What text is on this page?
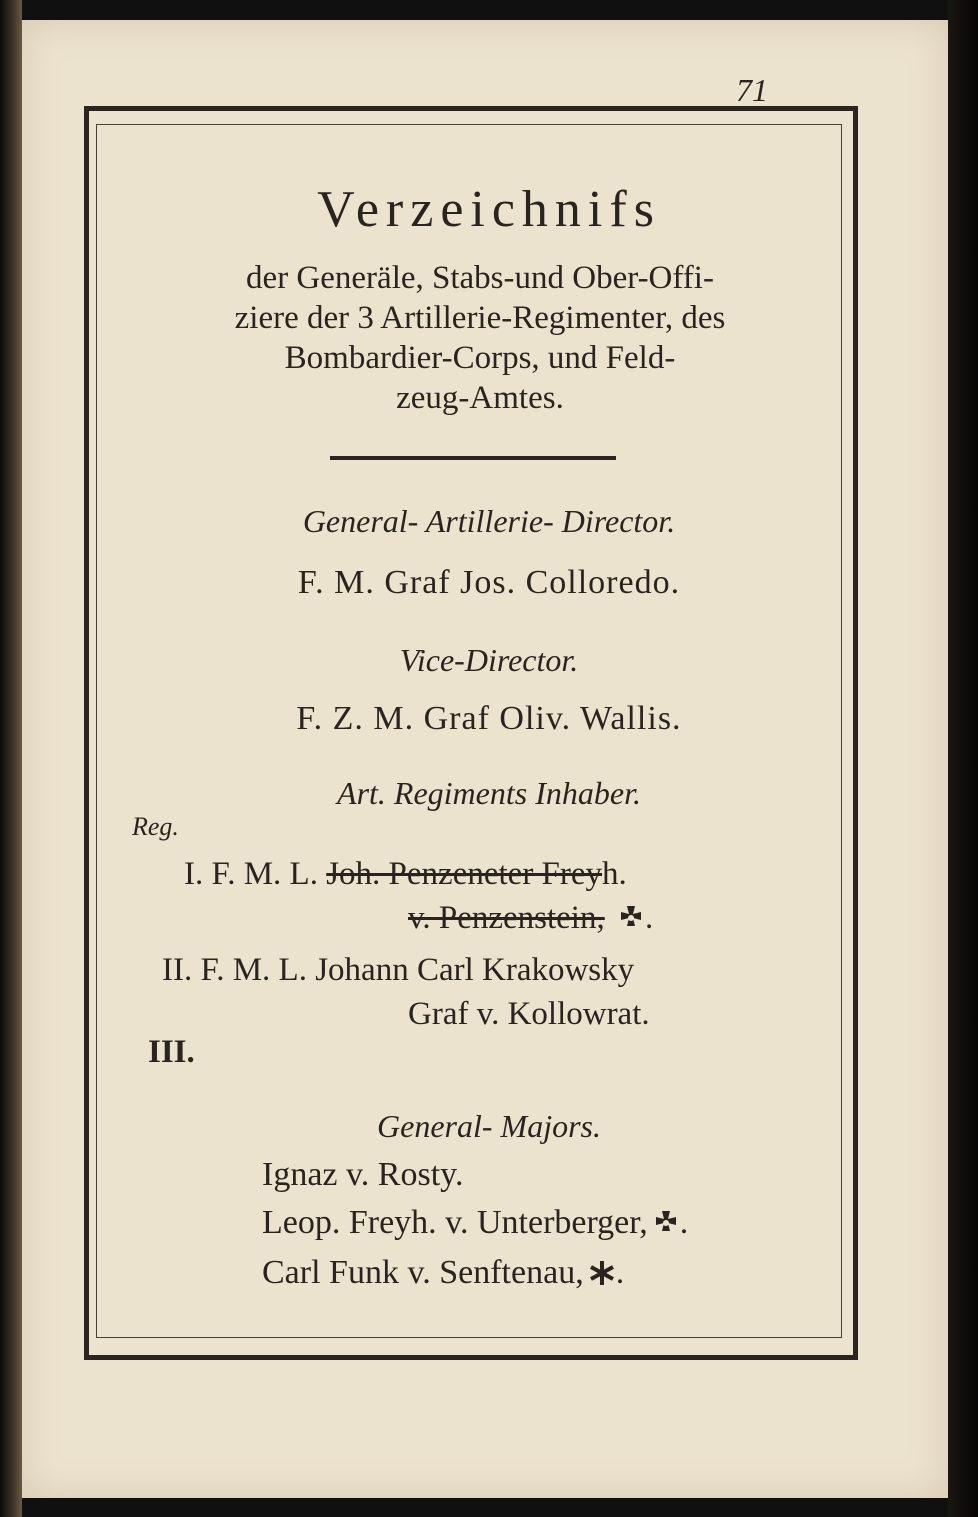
71
Verzeichnifs
der Generäle, Stabs-und Ober-Offi-
ziere der 3 Artillerie-Regimenter, des
Bombardier-Corps, und Feld-
zeug-Amtes.
General- Artillerie- Director.
F. M. Graf Jos. Colloredo.
Vice-Director.
F. Z. M. Graf Oliv. Wallis.
Art. Regiments Inhaber.
Reg.
I. F. M. L. Joh. Penzeneter Freyh.
v. Penzenstein, .
II. F. M. L. Johann Carl Krakowsky
Graf v. Kollowrat.
III.
General- Majors.
Ignaz v. Rosty.
Leop. Freyh. v. Unterberger, .
Carl Funk v. Senftenau, .
